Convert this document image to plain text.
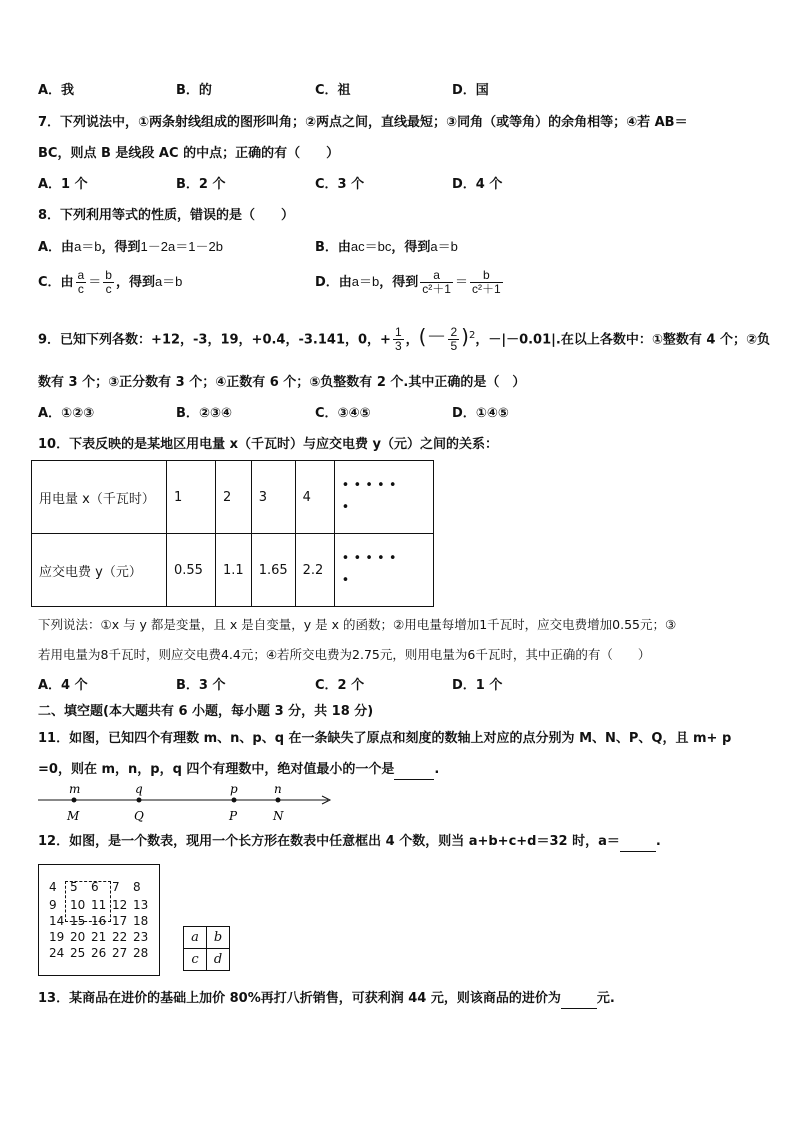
A．我	B．的	C．祖	D．国
7．下列说法中，①两条射线组成的图形叫角；②两点之间，直线最短；③同角（或等角）的余角相等；④若 AB＝
BC，则点 B 是线段 AC 的中点；正确的有（　　）
A．1 个	B．2 个	C．3 个	D．4 个
8．下列利用等式的性质，错误的是（　　）
A．由a＝b，得到1－2a＝1－2b	B．由ac＝bc，得到a＝b
C．由 $\frac{a}{c} = \frac{b}{c}$ ，得到a＝b	D．由a＝b，得到 $\frac{a}{\text{c²＋1}} = \frac{b}{\text{c²＋1}}$
9．已知下列各数：+12，-3，19，+0.4，-3.141，0，+ $\frac{1}{3}$ ，(－ $\frac{2}{5} )^2$，－|－0.01|.在以上各数中：①整数有 4 个；②负
数有 3 个；③正分数有 3 个；④正数有 6 个；⑤负整数有 2 个.其中正确的是（　）
A．①②③	B．②③④	C．③④⑤	D．①④⑤
10．下表反映的是某地区用电量 x（千瓦时）与应交电费 y（元）之间的关系：
用电量 x（千瓦时）	1	2	3	4	• • • • •
•

应交电费 y（元）	0.55	1.1	1.65	2.2	• • • • •
•
下列说法：①x 与 y 都是变量，且 x 是自变量，y 是 x 的函数；②用电量每增加1千瓦时，应交电费增加0.55元；③
若用电量为8千瓦时，则应交电费4.4元；④若所交电费为2.75元，则用电量为6千瓦时，其中正确的有（　　）
A．4 个	B．3 个	C．2 个	D．1 个
二、填空题(本大题共有 6 小题，每小题 3 分，共 18 分)
11．如图，已知四个有理数 m、n、p、q 在一条缺失了原点和刻度的数轴上对应的点分别为 M、N、P、Q，且 m+ p
=0，则在 m，n，p，q 四个有理数中，绝对值最小的一个是	.
m
M
q
Q
p
P
n
N
12．如图，是一个数表，现用一个长方形在数表中任意框出 4 个数，则当 a+b+c+d＝32 时，a＝	.
4 5 6 7 8
9 10 11 12 13
14 15 16 17 18
19 20 21 22 23
24 25 26 27 28
a	b
c	d
13．某商品在进价的基础上加价 80%再打八折销售，可获利润 44 元，则该商品的进价为	元.
